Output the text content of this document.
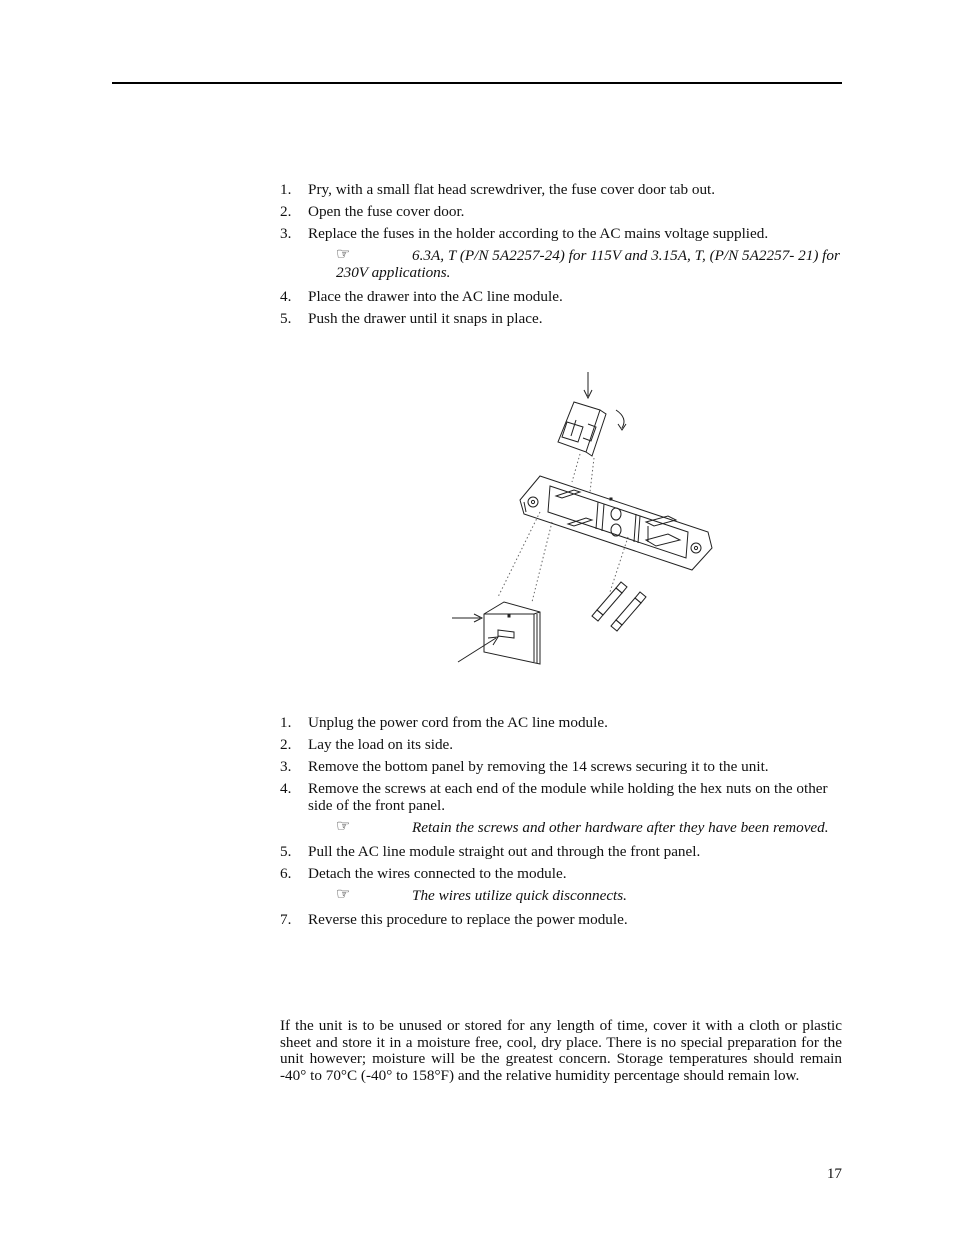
1.	Pry, with a small flat head screwdriver, the fuse cover door tab out.
2.	Open the fuse cover door.
3.	Replace the fuses in the holder according to the AC mains voltage supplied.
☞	6.3A, T (P/N 5A2257-24) for 115V and 3.15A, T, (P/N 5A2257- 21) for 230V applications.
4.	Place the drawer into the AC line module.
5.	Push the drawer until it snaps in place.
1.	Unplug the power cord from the AC line module.
2.	Lay the load on its side.
3.	Remove the bottom panel by removing the 14 screws securing it to the unit.
4.	Remove the screws at each end of the module while holding the hex nuts on the other side of the front panel.
☞	Retain the screws and other hardware after they have been removed.
5.	Pull the AC line module straight out and through the front panel.
6.	Detach the wires connected to the module.
☞	The wires utilize quick disconnects.
7.	Reverse this procedure to replace the power module.

If the unit is to be unused or stored for any length of time, cover it with a cloth or plastic sheet and store it in a moisture free, cool, dry place. There is no special preparation for the unit however; moisture will be the greatest concern. Storage temperatures should remain -40° to 70°C (-40° to 158°F) and the relative humidity percentage should remain low.

17
